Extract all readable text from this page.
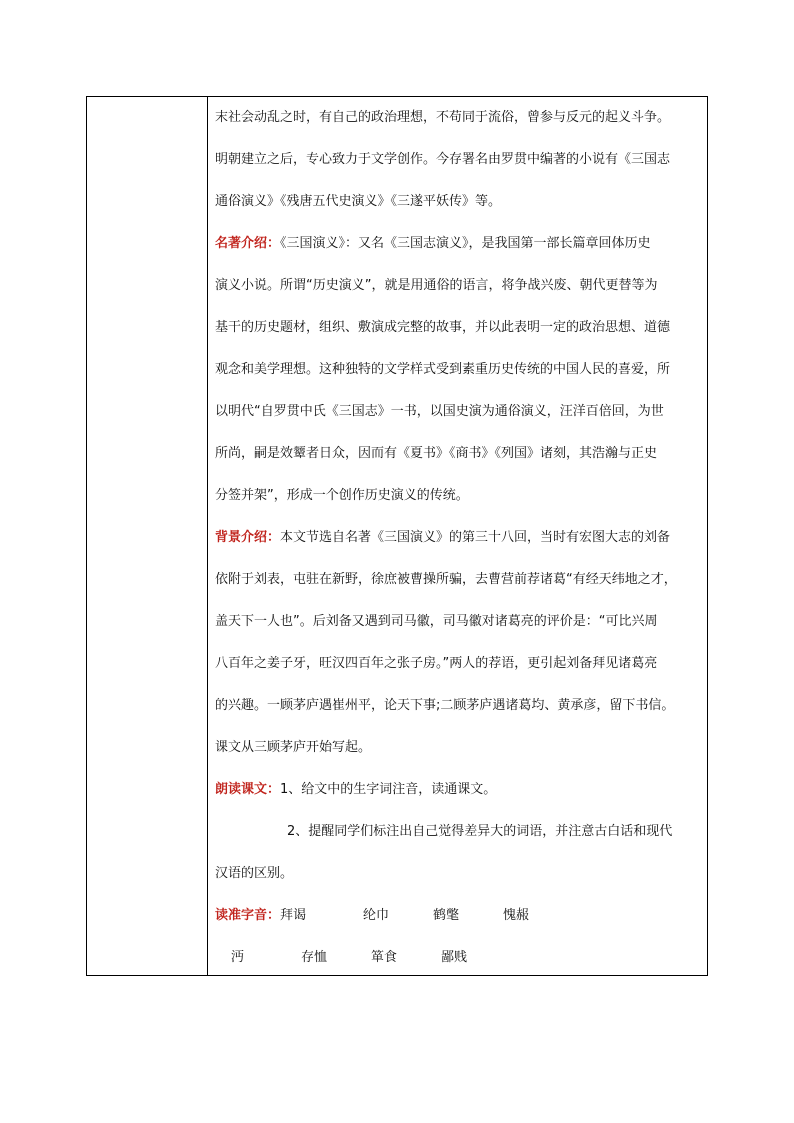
末社会动乱之时，有自己的政治理想，不苟同于流俗，曾参与反元的起义斗争。
明朝建立之后，专心致力于文学创作。今存署名由罗贯中编著的小说有《三国志
通俗演义》《残唐五代史演义》《三遂平妖传》等。
名著介绍：《三国演义》：又名《三国志演义》，是我国第一部长篇章回体历史
演义小说。所谓“历史演义”，就是用通俗的语言，将争战兴废、朝代更替等为
基干的历史题材，组织、敷演成完整的故事，并以此表明一定的政治思想、道德
观念和美学理想。这种独特的文学样式受到素重历史传统的中国人民的喜爱，所
以明代“自罗贯中氏《三国志》一书，以国史演为通俗演义，汪洋百倍回，为世
所尚，嗣是效颦者日众，因而有《夏书》《商书》《列国》诸刻，其浩瀚与正史
分签并架”，形成一个创作历史演义的传统。
背景介绍：本文节选自名著《三国演义》的第三十八回，当时有宏图大志的刘备
依附于刘表，屯驻在新野，徐庶被曹操所骗，去曹营前荐诸葛“有经天纬地之才，
盖天下一人也”。后刘备又遇到司马徽，司马徽对诸葛亮的评价是：“可比兴周
八百年之姜子牙，旺汉四百年之张子房。”两人的荐语，更引起刘备拜见诸葛亮
的兴趣。一顾茅庐遇崔州平，论天下事;二顾茅庐遇诸葛均、黄承彦，留下书信。
课文从三顾茅庐开始写起。
朗读课文：1、给文中的生字词注音，读通课文。
2、提醒同学们标注出自己觉得差异大的词语，并注意古白话和现代
汉语的区别。
读准字音：拜谒	纶巾	鹤氅	愧赧
沔	存恤	箪食	鄙贱
